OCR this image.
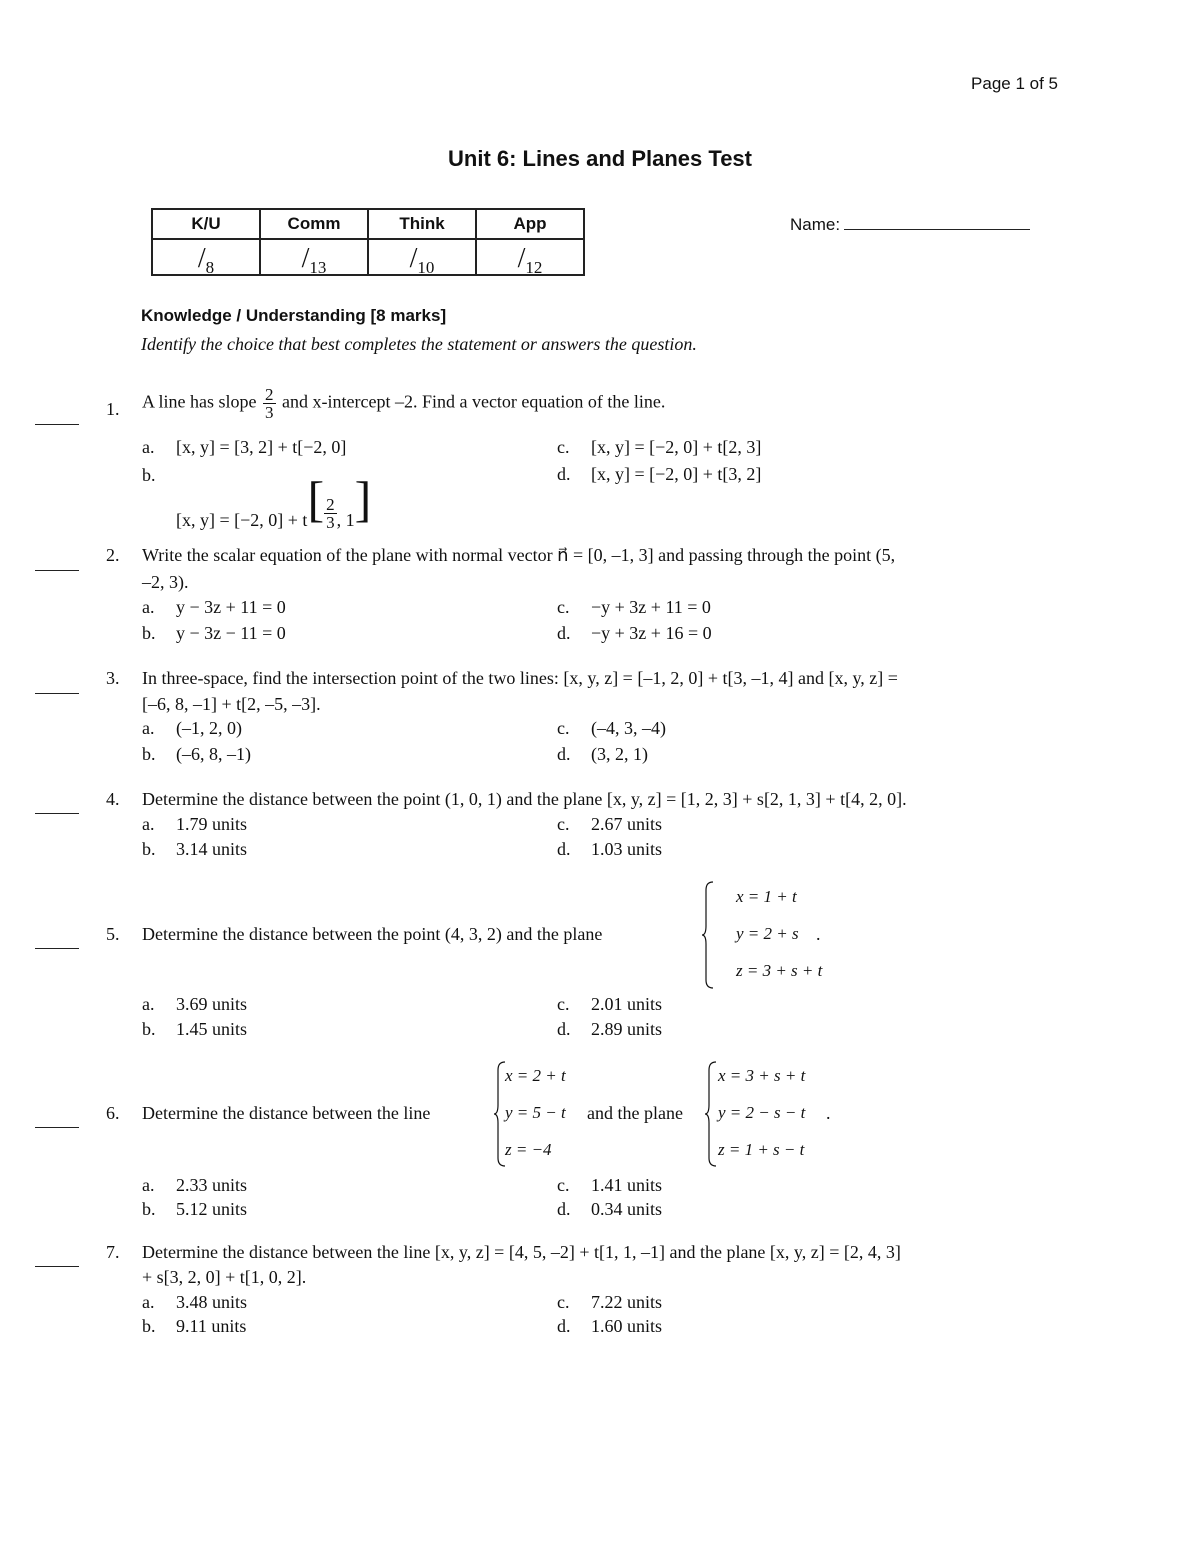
Page 1 of 5
Unit 6: Lines and Planes Test
K/U	Comm	Think	App
$/_8$	$/_{13}$	$/_{10}$	$/_{12}$
Name:
Knowledge / Understanding [8 marks]
Identify the choice that best completes the statement or answers the question.
1. A line has slope $\frac{2}{3}$ and x-intercept –2. Find a vector equation of the line.
a. [x, y] = [3, 2] + t[−2, 0]
b.
[x, y] = [−2, $0] + t[ \frac{2}{3}$ , 1]
c. [x, y] = [−2, 0] + t[2, 3]
d. [x, y] = [−2, 0] + t[3, 2]
2. Write the scalar equation of the plane with normal vector n⃗ = [0, –1, 3] and passing through the point (5,
–2, 3).
a. y − 3z + 11 = 0
b. y − 3z − 11 = 0
c. −y + 3z + 11 = 0
d. −y + 3z + 16 = 0
3. In three-space, find the intersection point of the two lines: [x, y, z] = [–1, 2, 0] + t[3, –1, 4] and [x, y, z] =
[–6, 8, –1] + t[2, –5, –3].
a. (–1, 2, 0)
b. (–6, 8, –1)
c. (–4, 3, –4)
d. (3, 2, 1)
4. Determine the distance between the point (1, 0, 1) and the plane [x, y, z] = [1, 2, 3] + s[2, 1, 3] + t[4, 2, 0].
a. 1.79 units
b. 3.14 units
c. 2.67 units
d. 1.03 units
5. Determine the distance between the point (4, 3, 2) and the plane
x = 1 + t
y = 2 + s
z = 3 + s + t
.
a. 3.69 units
b. 1.45 units
c. 2.01 units
d. 2.89 units
6. Determine the distance between the line
x = 2 + t
y = 5 − t
z = −4
and the plane
x = 3 + s + t
y = 2 − s − t
z = 1 + s − t
.
a. 2.33 units
b. 5.12 units
c. 1.41 units
d. 0.34 units
7. Determine the distance between the line [x, y, z] = [4, 5, –2] + t[1, 1, –1] and the plane [x, y, z] = [2, 4, 3]
+ s[3, 2, 0] + t[1, 0, 2].
a. 3.48 units
b. 9.11 units
c. 7.22 units
d. 1.60 units
